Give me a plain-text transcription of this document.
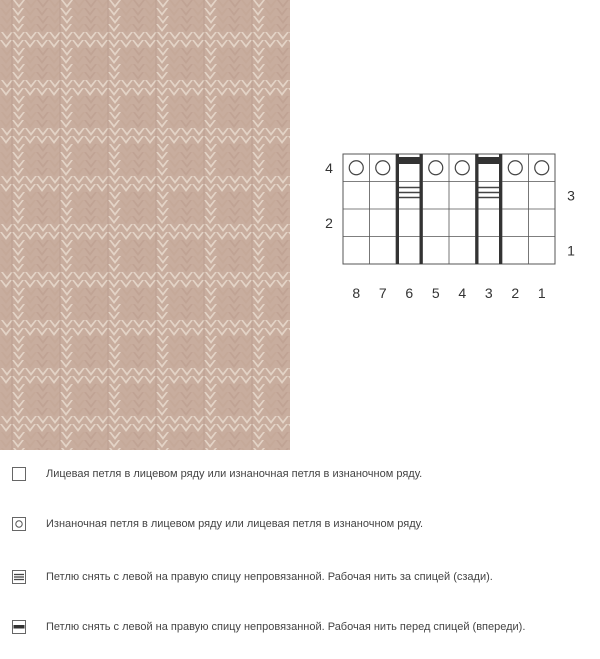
8 7 6 5 4 3 2 1
4
2
3
1
Лицевая петля в лицевом ряду или изнаночная петля в изнаночном ряду.
Изнаночная петля в лицевом ряду или лицевая петля в изнаночном ряду.
Петлю снять с левой на правую спицу непровязанной. Рабочая нить за спицей (сзади).
Петлю снять с левой на правую спицу непровязанной. Рабочая нить перед спицей (впереди).
